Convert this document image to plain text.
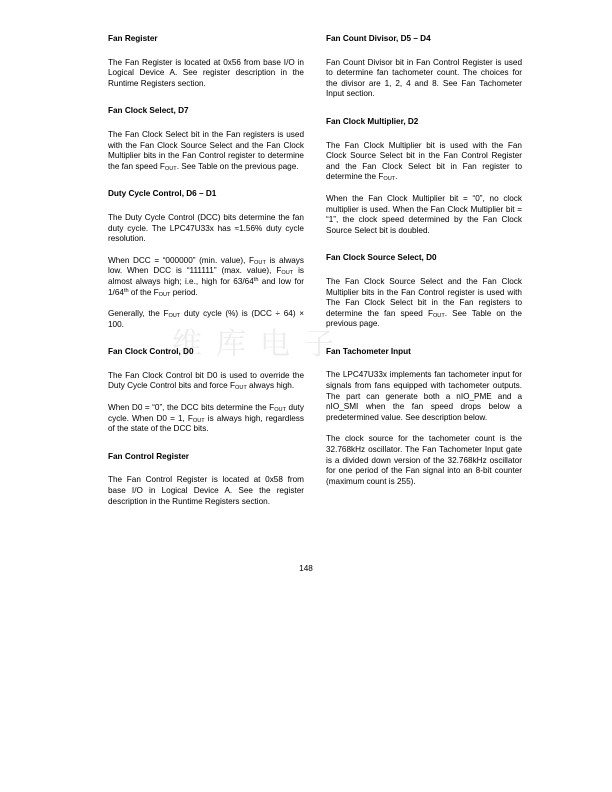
维库电子
Fan Register
The Fan Register is located at 0x56 from base I/O in Logical Device A. See register description in the Runtime Registers section.
Fan Clock Select, D7
The Fan Clock Select bit in the Fan registers is used with the Fan Clock Source Select and the Fan Clock Multiplier bits in the Fan Control register to determine the fan speed $F_{OUT}$. See Table on the previous page.
Duty Cycle Control, D6 – D1
The Duty Cycle Control (DCC) bits determine the fan duty cycle. The LPC47U33x has ≈1.56% duty cycle resolution.
When DCC = “000000” (min. value), $F_{OUT}$ is always low. When DCC is “111111” (max. value), $F_{OUT}$ is almost always high; i.e., high for 63/64th and low for 1/64th of the $F_{OUT}$ period.
Generally, the $F_{OUT}$ duty cycle (%) is (DCC ÷ 64) × 100.
Fan Clock Control, D0
The Fan Clock Control bit D0 is used to override the Duty Cycle Control bits and force $F_{OUT}$ always high.
When D0 = “0”, the DCC bits determine the $F_{OUT}$ duty cycle. When D0 = 1, $F_{OUT}$ is always high, regardless of the state of the DCC bits.
Fan Control Register
The Fan Control Register is located at 0x58 from base I/O in Logical Device A. See the register description in the Runtime Registers section.
Fan Count Divisor, D5 – D4
Fan Count Divisor bit in Fan Control Register is used to determine fan tachometer count. The choices for the divisor are 1, 2, 4 and 8. See Fan Tachometer Input section.
Fan Clock Multiplier, D2
The Fan Clock Multiplier bit is used with the Fan Clock Source Select bit in the Fan Control Register and the Fan Clock Select bit in Fan register to determine the $F_{OUT}$.
When the Fan Clock Multiplier bit = “0”, no clock multiplier is used. When the Fan Clock Multiplier bit = “1”, the clock speed determined by the Fan Clock Source Select bit is doubled.
Fan Clock Source Select, D0
The Fan Clock Source Select and the Fan Clock Multiplier bits in the Fan Control register is used with The Fan Clock Select bit in the Fan registers to determine the fan speed $F_{OUT}$. See Table on the previous page.
Fan Tachometer Input
The LPC47U33x implements fan tachometer input for signals from fans equipped with tachometer outputs. The part can generate both a nIO_PME and a nIO_SMI when the fan speed drops below a predetermined value. See description below.
The clock source for the tachometer count is the 32.768kHz oscillator. The Fan Tachometer Input gate is a divided down version of the 32.768kHz oscillator for one period of the Fan signal into an 8-bit counter (maximum count is 255).
148
